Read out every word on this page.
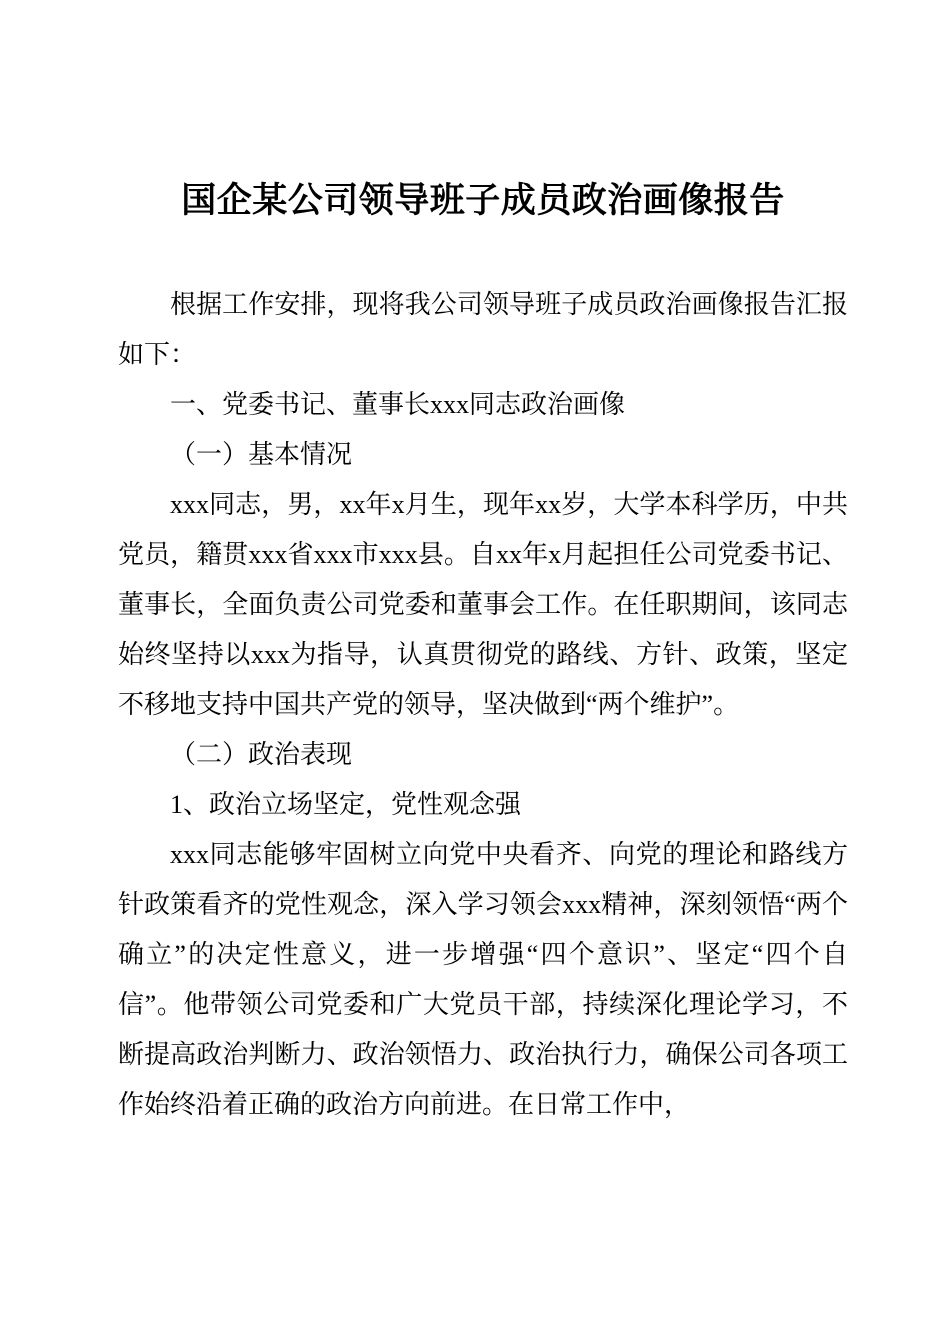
国企某公司领导班子成员政治画像报告

根据工作安排，现将我公司领导班子成员政治画像报告汇报如下：

一、党委书记、董事长xxx同志政治画像

（一）基本情况

xxx同志，男，xx年x月生，现年xx岁，大学本科学历，中共党员，籍贯xxx省xxx市xxx县。自xx年x月起担任公司党委书记、董事长，全面负责公司党委和董事会工作。在任职期间，该同志始终坚持以xxx为指导，认真贯彻党的路线、方针、政策，坚定不移地支持中国共产党的领导，坚决做到“两个维护”。

（二）政治表现

1、政治立场坚定，党性观念强

xxx同志能够牢固树立向党中央看齐、向党的理论和路线方针政策看齐的党性观念，深入学习领会xxx精神，深刻领悟“两个确立”的决定性意义，进一步增强“四个意识”、坚定“四个自信”。他带领公司党委和广大党员干部，持续深化理论学习，不断提高政治判断力、政治领悟力、政治执行力，确保公司各项工作始终沿着正确的政治方向前进。在日常工作中，
